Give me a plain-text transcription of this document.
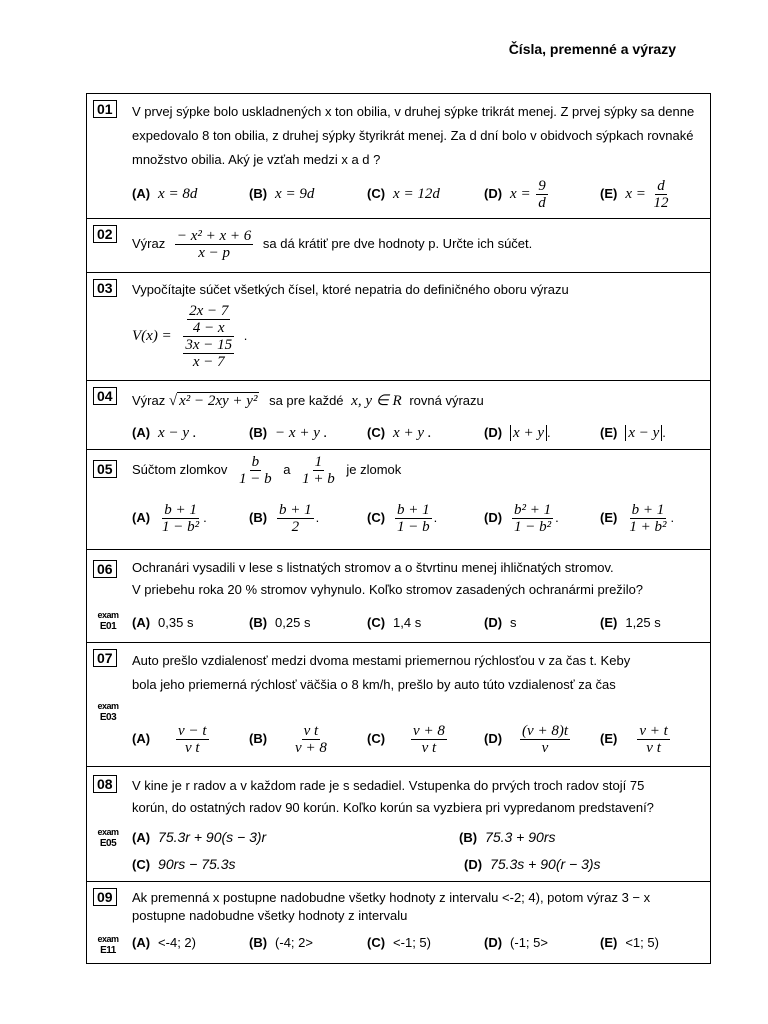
Čísla, premenné a výrazy
01	V prvej sýpke bolo uskladnených x ton obilia, v druhej sýpke trikrát menej. Z prvej sýpky sa denne expedovalo 8 ton obilia, z druhej sýpky štyrikrát menej. Za d dní bolo v obidvoch sýpkach rovnaké množstvo obilia. Aký je vzťah medzi x a d ?
(A) x = 8d	(B) x = 9d	(C) x = 12d	(D) $x = \frac{9}{d}$	(E) $x = \frac{d}{12}$
02
Výraz $\frac{\text{− x² + x + 6}}{x - p}$ sa dá krátiť pre dve hodnoty p. Určte ich súčet.
03	Vypočítajte súčet všetkých čísel, ktoré nepatria do definičného oboru výrazu
$V(x) = \frac{\frac{2x - 7}{4 - x}}{\frac{3x - 15}{x - 7}}$ .
04	Výraz √ x² − 2xy + y² sa pre každé x, y ∈ R rovná výrazu
(A) x − y .	(B) − x + y .	(C) x + y .	(D) x + y .	(E) x − y .
05	Súčtom zlomkov $\frac{b}{1 - b}$ a $\frac{1}{1 + b}$ je zlomok
$(A) \frac{b + 1}{\text{1 − b²}}$ .	$(B) \frac{b + 1}{2}$ .	$(C) \frac{b + 1}{1 - b}$ .	$(D) \frac{\text{b² + 1}}{\text{1 − b²}}$ .	$(E) \frac{b + 1}{\text{1 + b²}}$ .
06
exam
E01
Ochranári vysadili v lese s listnatých stromov a o štvrtinu menej ihličnatých stromov.
V priebehu roka 20 % stromov vyhynulo. Koľko stromov zasadených ochranármi prežilo?
(A) 0,35 s	(B) 0,25 s	(C) 1,4 s	(D) s	(E) 1,25 s
07
exam
E03
Auto prešlo vzdialenosť medzi dvoma mestami priemernou rýchlosťou v za čas t. Keby
bola jeho priemerná rýchlosť väčšia o 8 km/h, prešlo by auto túto vzdialenosť za čas
$(A) \frac{v - t}{\text{v t}}$	$(B) \frac{\text{v t}}{v + 8}$	$(C) \frac{v + 8}{\text{v t}}$	$(D) \frac{(v + 8)t}{v} (E) \frac{v + t}{\text{v t}}$
08
exam
E05
V kine je r radov a v každom rade je s sedadiel. Vstupenka do prvých troch radov stojí 75
korún, do ostatných radov 90 korún. Koľko korún sa vyzbiera pri vypredanom predstavení?
(A) 75.3r + 90(s − 3)r	(B) 75.3 + 90rs
(C) 90rs − 75.3s	(D) 75.3s + 90(r − 3)s
09
exam
E11
Ak premenná x postupne nadobudne všetky hodnoty z intervalu <-2; 4), potom výraz 3 − x
postupne nadobudne všetky hodnoty z intervalu
(A) <-4; 2)	(B) (-4; 2>	(C) <-1; 5)	(D) (-1; 5>	(E) <1; 5)
